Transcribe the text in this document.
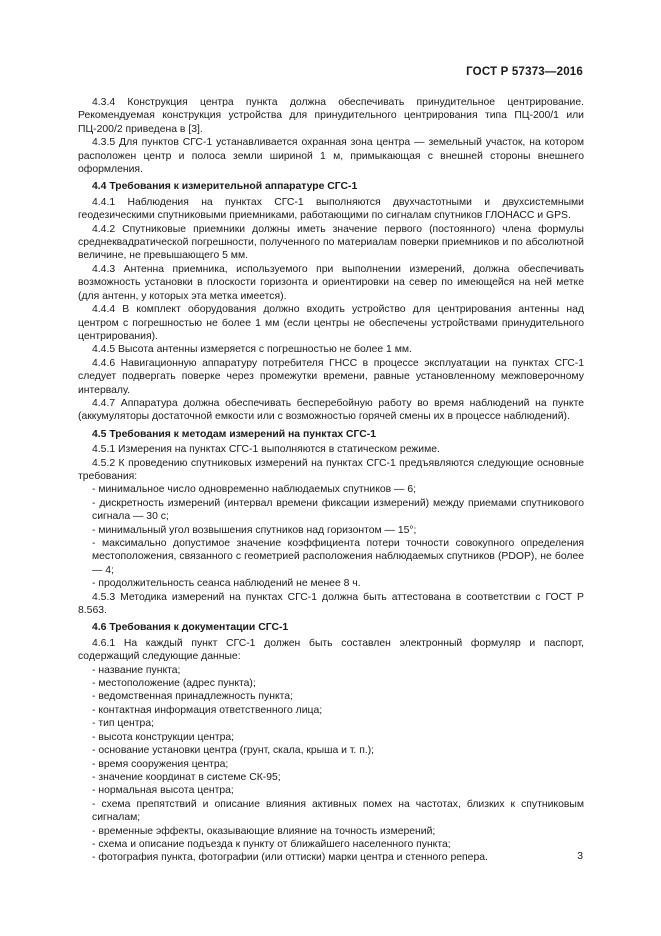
ГОСТ Р 57373—2016
4.3.4 Конструкция центра пункта должна обеспечивать принудительное центрирование. Рекомендуемая конструкция устройства для принудительного центрирования типа ПЦ-200/1 или ПЦ-200/2 приведена в [3].
4.3.5 Для пунктов СГС-1 устанавливается охранная зона центра — земельный участок, на котором расположен центр и полоса земли шириной 1 м, примыкающая с внешней стороны внешнего оформления.
4.4 Требования к измерительной аппаратуре СГС-1
4.4.1 Наблюдения на пунктах СГС-1 выполняются двухчастотными и двухсистемными геодезическими спутниковыми приемниками, работающими по сигналам спутников ГЛОНАСС и GPS.
4.4.2 Спутниковые приемники должны иметь значение первого (постоянного) члена формулы среднеквадратической погрешности, полученного по материалам поверки приемников и по абсолютной величине, не превышающего 5 мм.
4.4.3 Антенна приемника, используемого при выполнении измерений, должна обеспечивать возможность установки в плоскости горизонта и ориентировки на север по имеющейся на ней метке (для антенн, у которых эта метка имеется).
4.4.4 В комплект оборудования должно входить устройство для центрирования антенны над центром с погрешностью не более 1 мм (если центры не обеспечены устройствами принудительного центрирования).
4.4.5 Высота антенны измеряется с погрешностью не более 1 мм.
4.4.6 Навигационную аппаратуру потребителя ГНСС в процессе эксплуатации на пунктах СГС-1 следует подвергать поверке через промежутки времени, равные установленному межповерочному интервалу.
4.4.7 Аппаратура должна обеспечивать бесперебойную работу во время наблюдений на пункте (аккумуляторы достаточной емкости или с возможностью горячей смены их в процессе наблюдений).
4.5 Требования к методам измерений на пунктах СГС-1
4.5.1 Измерения на пунктах СГС-1 выполняются в статическом режиме.
4.5.2 К проведению спутниковых измерений на пунктах СГС-1 предъявляются следующие основные требования:
- минимальное число одновременно наблюдаемых спутников — 6;
- дискретность измерений (интервал времени фиксации измерений) между приемами спутникового сигнала — 30 с;
- минимальный угол возвышения спутников над горизонтом — 15°;
- максимально допустимое значение коэффициента потери точности совокупного определения местоположения, связанного с геометрией расположения наблюдаемых спутников (PDOP), не более — 4;
- продолжительность сеанса наблюдений не менее 8 ч.
4.5.3 Методика измерений на пунктах СГС-1 должна быть аттестована в соответствии с ГОСТ Р 8.563.
4.6 Требования к документации СГС-1
4.6.1 На каждый пункт СГС-1 должен быть составлен электронный формуляр и паспорт, содержащий следующие данные:
- название пункта;
- местоположение (адрес пункта);
- ведомственная принадлежность пункта;
- контактная информация ответственного лица;
- тип центра;
- высота конструкции центра;
- основание установки центра (грунт, скала, крыша и т. п.);
- время сооружения центра;
- значение координат в системе СК-95;
- нормальная высота центра;
- схема препятствий и описание влияния активных помех на частотах, близких к спутниковым сигналам;
- временные эффекты, оказывающие влияние на точность измерений;
- схема и описание подъезда к пункту от ближайшего населенного пункта;
- фотография пункта, фотографии (или оттиски) марки центра и стенного репера.	3
